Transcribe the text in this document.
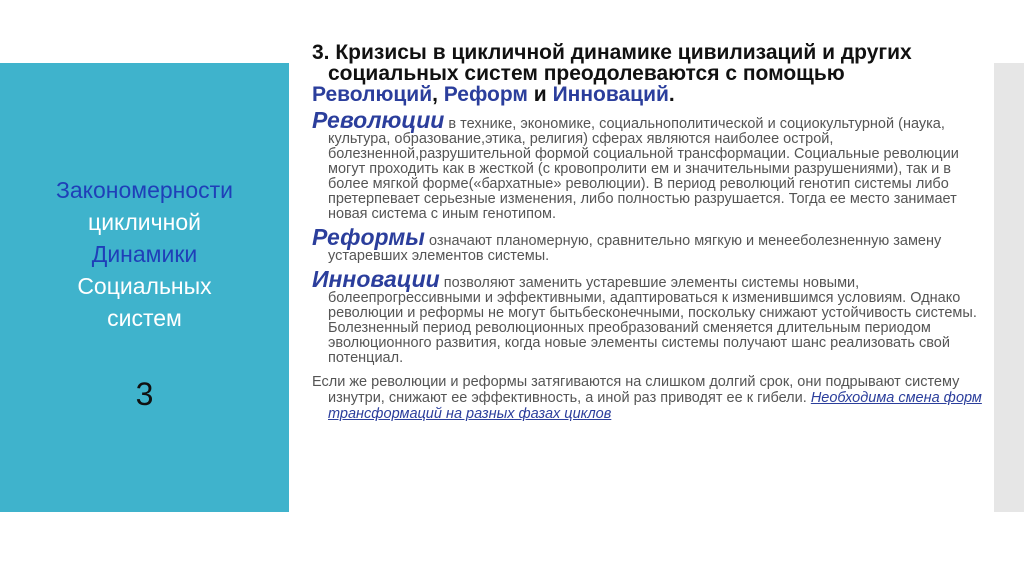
Закономерности
цикличной
Динамики
Социальных
систем
3
3. Кризисы в цикличной динамике цивилизаций и других социальных систем преодолеваются с помощью
Революций, Реформ и Инноваций.

Революции в технике, экономике, социальнополитической и социокультурной (наука, культура, образование,этика, религия) сферах являются наиболее острой, болезненной,разрушительной формой социальной трансформации. Социальные революции могут проходить как в жесткой (с кровопролити ем и значительными разрушениями), так и в более мягкой форме(«бархатные» революции). В период революций генотип системы либо претерпевает серьезные изменения, либо полностью разрушается. Тогда ее место занимает новая система с иным генотипом.

Реформы означают планомерную, сравнительно мягкую и менееболезненную замену устаревших элементов системы.

Инновации позволяют заменить устаревшие элементы системы новыми, болеепрогрессивными и эффективными, адаптироваться к изменившимся условиям. Однако революции и реформы не могут бытьбесконечными, поскольку снижают устойчивость системы. Болезненный период революционных преобразований сменяется длительным периодом эволюционного развития, когда новые элементы системы получают шанс реализовать свой потенциал.

Если же революции и реформы затягиваются на слишком долгий срок, они подрывают систему изнутри, снижают ее эффективность, а иной раз приводят ее к гибели. Необходима смена форм трансформаций на разных фазах циклов
